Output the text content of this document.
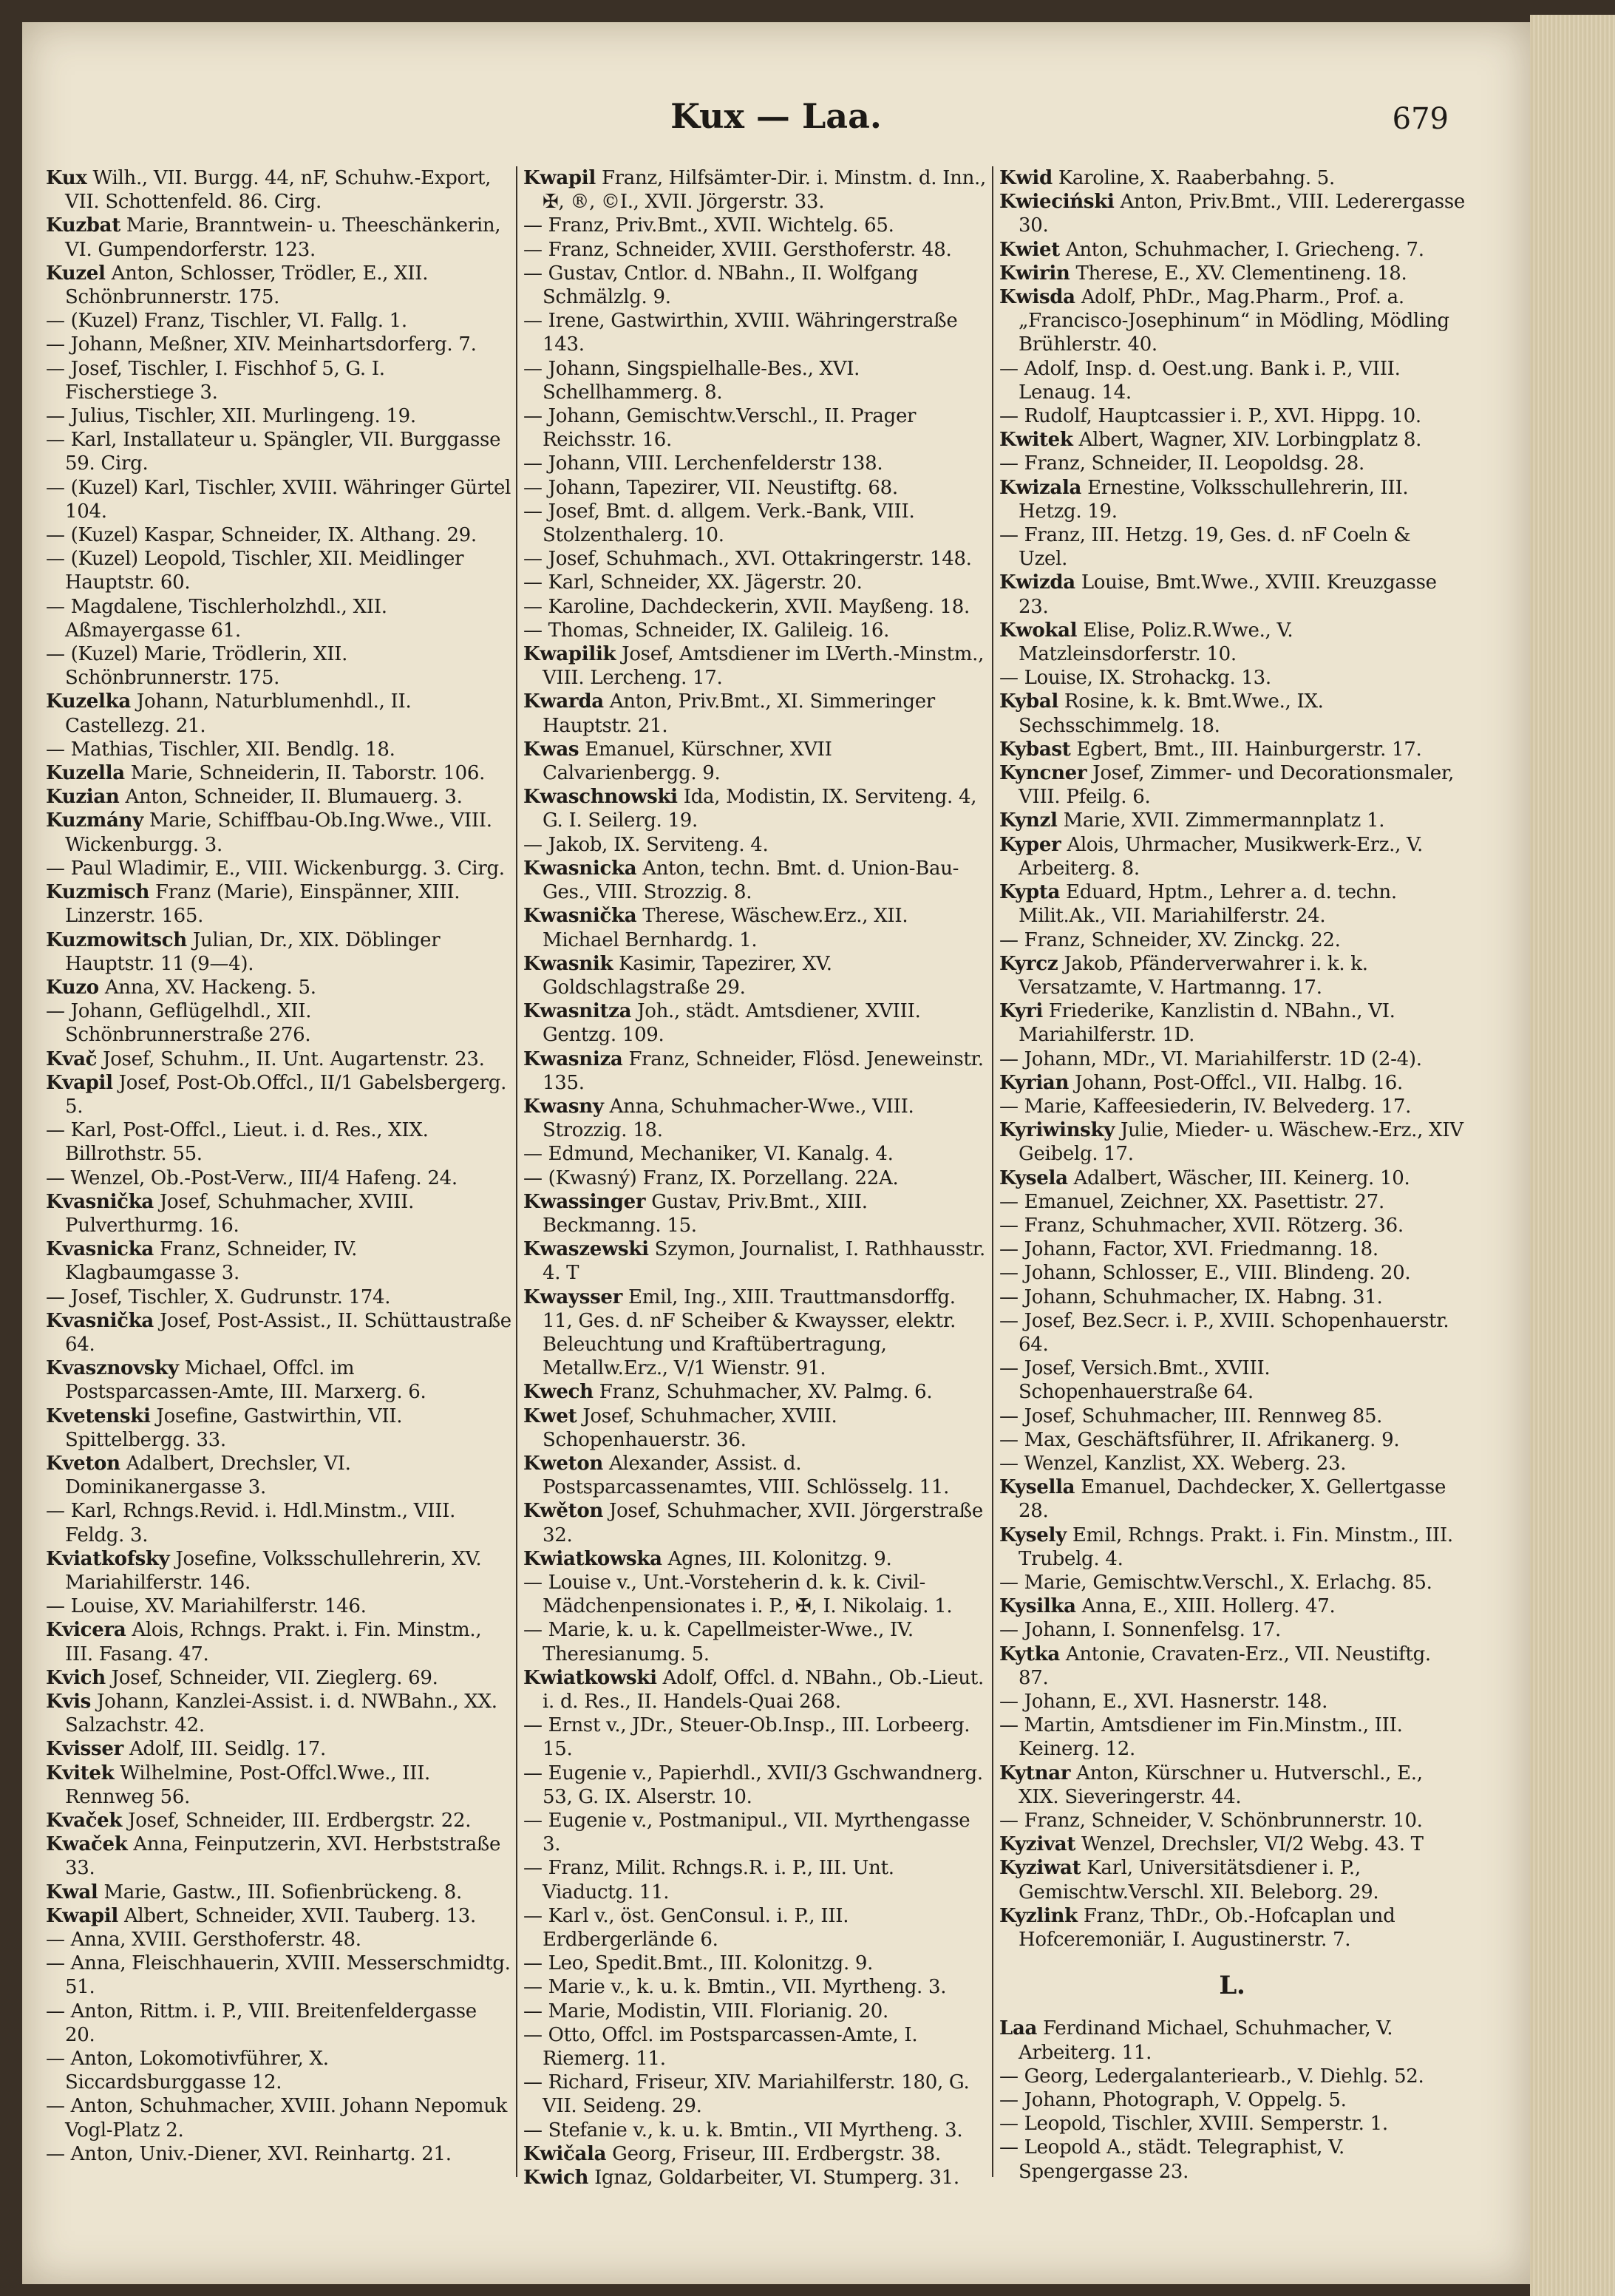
Kux — Laa.	679
Kux Wilh., VII. Burgg. 44, nF, Schuhw.-Export, VII. Schottenfeld. 86. Cirg.
Kuzbat Marie, Branntwein- u. Theeschänkerin, VI. Gumpendorferstr. 123.
Kuzel Anton, Schlosser, Trödler, E., XII. Schönbrunnerstr. 175.
— (Kuzel) Franz, Tischler, VI. Fallg. 1.
— Johann, Meßner, XIV. Meinhartsdorferg. 7.
— Josef, Tischler, I. Fischhof 5, G. I. Fischerstiege 3.
— Julius, Tischler, XII. Murlingeng. 19.
— Karl, Installateur u. Spängler, VII. Burggasse 59. Cirg.
— (Kuzel) Karl, Tischler, XVIII. Währinger Gürtel 104.
— (Kuzel) Kaspar, Schneider, IX. Althang. 29.
— (Kuzel) Leopold, Tischler, XII. Meidlinger Hauptstr. 60.
— Magdalene, Tischlerholzhdl., XII. Aßmayergasse 61.
— (Kuzel) Marie, Trödlerin, XII. Schönbrunnerstr. 175.
Kuzelka Johann, Naturblumenhdl., II. Castellezg. 21.
— Mathias, Tischler, XII. Bendlg. 18.
Kuzella Marie, Schneiderin, II. Taborstr. 106.
Kuzian Anton, Schneider, II. Blumauerg. 3.
Kuzmány Marie, Schiffbau-Ob.Ing.Wwe., VIII. Wickenburgg. 3.
— Paul Wladimir, E., VIII. Wickenburgg. 3. Cirg.
Kuzmisch Franz (Marie), Einspänner, XIII. Linzerstr. 165.
Kuzmowitsch Julian, Dr., XIX. Döblinger Hauptstr. 11 (9—4).
Kuzo Anna, XV. Hackeng. 5.
— Johann, Geflügelhdl., XII. Schönbrunnerstraße 276.
Kvač Josef, Schuhm., II. Unt. Augartenstr. 23.
Kvapil Josef, Post-Ob.Offcl., II/1 Gabelsbergerg. 5.
— Karl, Post-Offcl., Lieut. i. d. Res., XIX. Billrothstr. 55.
— Wenzel, Ob.-Post-Verw., III/4 Hafeng. 24.
Kvasnička Josef, Schuhmacher, XVIII. Pulverthurmg. 16.
Kvasnicka Franz, Schneider, IV. Klagbaumgasse 3.
— Josef, Tischler, X. Gudrunstr. 174.
Kvasnička Josef, Post-Assist., II. Schüttaustraße 64.
Kvasznovsky Michael, Offcl. im Postsparcassen-Amte, III. Marxerg. 6.
Kvetenski Josefine, Gastwirthin, VII. Spittelbergg. 33.
Kveton Adalbert, Drechsler, VI. Dominikanergasse 3.
— Karl, Rchngs.Revid. i. Hdl.Minstm., VIII. Feldg. 3.
Kviatkofsky Josefine, Volksschullehrerin, XV. Mariahilferstr. 146.
— Louise, XV. Mariahilferstr. 146.
Kvicera Alois, Rchngs. Prakt. i. Fin. Minstm., III. Fasang. 47.
Kvich Josef, Schneider, VII. Zieglerg. 69.
Kvis Johann, Kanzlei-Assist. i. d. NWBahn., XX. Salzachstr. 42.
Kvisser Adolf, III. Seidlg. 17.
Kvitek Wilhelmine, Post-Offcl.Wwe., III. Rennweg 56.
Kvaček Josef, Schneider, III. Erdbergstr. 22.
Kwaček Anna, Feinputzerin, XVI. Herbststraße 33.
Kwal Marie, Gastw., III. Sofienbrückeng. 8.
Kwapil Albert, Schneider, XVII. Tauberg. 13.
— Anna, XVIII. Gersthoferstr. 48.
— Anna, Fleischhauerin, XVIII. Messerschmidtg. 51.
— Anton, Rittm. i. P., VIII. Breitenfeldergasse 20.
— Anton, Lokomotivführer, X. Siccardsburggasse 12.
— Anton, Schuhmacher, XVIII. Johann Nepomuk Vogl-Platz 2.
— Anton, Univ.-Diener, XVI. Reinhartg. 21.
Kwapil Franz, Hilfsämter-Dir. i. Minstm. d. Inn., ✠, ®, ©I., XVII. Jörgerstr. 33.
— Franz, Priv.Bmt., XVII. Wichtelg. 65.
— Franz, Schneider, XVIII. Gersthoferstr. 48.
— Gustav, Cntlor. d. NBahn., II. Wolfgang Schmälzlg. 9.
— Irene, Gastwirthin, XVIII. Währingerstraße 143.
— Johann, Singspielhalle-Bes., XVI. Schellhammerg. 8.
— Johann, Gemischtw.Verschl., II. Prager Reichsstr. 16.
— Johann, VIII. Lerchenfelderstr 138.
— Johann, Tapezirer, VII. Neustiftg. 68.
— Josef, Bmt. d. allgem. Verk.-Bank, VIII. Stolzenthalerg. 10.
— Josef, Schuhmach., XVI. Ottakringerstr. 148.
— Karl, Schneider, XX. Jägerstr. 20.
— Karoline, Dachdeckerin, XVII. Mayßeng. 18.
— Thomas, Schneider, IX. Galileig. 16.
Kwapilik Josef, Amtsdiener im LVerth.-Minstm., VIII. Lercheng. 17.
Kwarda Anton, Priv.Bmt., XI. Simmeringer Hauptstr. 21.
Kwas Emanuel, Kürschner, XVII Calvarienbergg. 9.
Kwaschnowski Ida, Modistin, IX. Serviteng. 4, G. I. Seilerg. 19.
— Jakob, IX. Serviteng. 4.
Kwasnicka Anton, techn. Bmt. d. Union-Bau-Ges., VIII. Strozzig. 8.
Kwasnička Therese, Wäschew.Erz., XII. Michael Bernhardg. 1.
Kwasnik Kasimir, Tapezirer, XV. Goldschlagstraße 29.
Kwasnitza Joh., städt. Amtsdiener, XVIII. Gentzg. 109.
Kwasniza Franz, Schneider, Flösd. Jeneweinstr. 135.
Kwasny Anna, Schuhmacher-Wwe., VIII. Strozzig. 18.
— Edmund, Mechaniker, VI. Kanalg. 4.
— (Kwasný) Franz, IX. Porzellang. 22A.
Kwassinger Gustav, Priv.Bmt., XIII. Beckmanng. 15.
Kwaszewski Szymon, Journalist, I. Rathhausstr. 4. T
Kwaysser Emil, Ing., XIII. Trauttmansdorffg. 11, Ges. d. nF Scheiber & Kwaysser, elektr. Beleuchtung und Kraftübertragung, Metallw.Erz., V/1 Wienstr. 91.
Kwech Franz, Schuhmacher, XV. Palmg. 6.
Kwet Josef, Schuhmacher, XVIII. Schopenhauerstr. 36.
Kweton Alexander, Assist. d. Postsparcassenamtes, VIII. Schlösselg. 11.
Kwěton Josef, Schuhmacher, XVII. Jörgerstraße 32.
Kwiatkowska Agnes, III. Kolonitzg. 9.
— Louise v., Unt.-Vorsteherin d. k. k. Civil-Mädchenpensionates i. P., ✠, I. Nikolaig. 1.
— Marie, k. u. k. Capellmeister-Wwe., IV. Theresianumg. 5.
Kwiatkowski Adolf, Offcl. d. NBahn., Ob.-Lieut. i. d. Res., II. Handels-Quai 268.
— Ernst v., JDr., Steuer-Ob.Insp., III. Lorbeerg. 15.
— Eugenie v., Papierhdl., XVII/3 Gschwandnerg. 53, G. IX. Alserstr. 10.
— Eugenie v., Postmanipul., VII. Myrthengasse 3.
— Franz, Milit. Rchngs.R. i. P., III. Unt. Viaductg. 11.
— Karl v., öst. GenConsul. i. P., III. Erdbergerlände 6.
— Leo, Spedit.Bmt., III. Kolonitzg. 9.
— Marie v., k. u. k. Bmtin., VII. Myrtheng. 3.
— Marie, Modistin, VIII. Florianig. 20.
— Otto, Offcl. im Postsparcassen-Amte, I. Riemerg. 11.
— Richard, Friseur, XIV. Mariahilferstr. 180, G. VII. Seideng. 29.
— Stefanie v., k. u. k. Bmtin., VII Myrtheng. 3.
Kwičala Georg, Friseur, III. Erdbergstr. 38.
Kwich Ignaz, Goldarbeiter, VI. Stumperg. 31.
Kwid Karoline, X. Raaberbahng. 5.
Kwieciński Anton, Priv.Bmt., VIII. Lederergasse 30.
Kwiet Anton, Schuhmacher, I. Griecheng. 7.
Kwirin Therese, E., XV. Clementineng. 18.
Kwisda Adolf, PhDr., Mag.Pharm., Prof. a. „Francisco-Josephinum“ in Mödling, Mödling Brühlerstr. 40.
— Adolf, Insp. d. Oest.ung. Bank i. P., VIII. Lenaug. 14.
— Rudolf, Hauptcassier i. P., XVI. Hippg. 10.
Kwitek Albert, Wagner, XIV. Lorbingplatz 8.
— Franz, Schneider, II. Leopoldsg. 28.
Kwizala Ernestine, Volksschullehrerin, III. Hetzg. 19.
— Franz, III. Hetzg. 19, Ges. d. nF Coeln & Uzel.
Kwizda Louise, Bmt.Wwe., XVIII. Kreuzgasse 23.
Kwokal Elise, Poliz.R.Wwe., V. Matzleinsdorferstr. 10.
— Louise, IX. Strohackg. 13.
Kybal Rosine, k. k. Bmt.Wwe., IX. Sechsschimmelg. 18.
Kybast Egbert, Bmt., III. Hainburgerstr. 17.
Kyncner Josef, Zimmer- und Decorationsmaler, VIII. Pfeilg. 6.
Kynzl Marie, XVII. Zimmermannplatz 1.
Kyper Alois, Uhrmacher, Musikwerk-Erz., V. Arbeiterg. 8.
Kypta Eduard, Hptm., Lehrer a. d. techn. Milit.Ak., VII. Mariahilferstr. 24.
— Franz, Schneider, XV. Zinckg. 22.
Kyrcz Jakob, Pfänderverwahrer i. k. k. Versatzamte, V. Hartmanng. 17.
Kyri Friederike, Kanzlistin d. NBahn., VI. Mariahilferstr. 1D.
— Johann, MDr., VI. Mariahilferstr. 1D (2-4).
Kyrian Johann, Post-Offcl., VII. Halbg. 16.
— Marie, Kaffeesiederin, IV. Belvederg. 17.
Kyriwinsky Julie, Mieder- u. Wäschew.-Erz., XIV Geibelg. 17.
Kysela Adalbert, Wäscher, III. Keinerg. 10.
— Emanuel, Zeichner, XX. Pasettistr. 27.
— Franz, Schuhmacher, XVII. Rötzerg. 36.
— Johann, Factor, XVI. Friedmanng. 18.
— Johann, Schlosser, E., VIII. Blindeng. 20.
— Johann, Schuhmacher, IX. Habng. 31.
— Josef, Bez.Secr. i. P., XVIII. Schopenhauerstr. 64.
— Josef, Versich.Bmt., XVIII. Schopenhauerstraße 64.
— Josef, Schuhmacher, III. Rennweg 85.
— Max, Geschäftsführer, II. Afrikanerg. 9.
— Wenzel, Kanzlist, XX. Weberg. 23.
Kysella Emanuel, Dachdecker, X. Gellertgasse 28.
Kysely Emil, Rchngs. Prakt. i. Fin. Minstm., III. Trubelg. 4.
— Marie, Gemischtw.Verschl., X. Erlachg. 85.
Kysilka Anna, E., XIII. Hollerg. 47.
— Johann, I. Sonnenfelsg. 17.
Kytka Antonie, Cravaten-Erz., VII. Neustiftg. 87.
— Johann, E., XVI. Hasnerstr. 148.
— Martin, Amtsdiener im Fin.Minstm., III. Keinerg. 12.
Kytnar Anton, Kürschner u. Hutverschl., E., XIX. Sieveringerstr. 44.
— Franz, Schneider, V. Schönbrunnerstr. 10.
Kyzivat Wenzel, Drechsler, VI/2 Webg. 43. T
Kyziwat Karl, Universitätsdiener i. P., Gemischtw.Verschl. XII. Beleborg. 29.
Kyzlink Franz, ThDr., Ob.-Hofcaplan und Hofceremoniär, I. Augustinerstr. 7.
L.
Laa Ferdinand Michael, Schuhmacher, V. Arbeiterg. 11.
— Georg, Ledergalanteriearb., V. Diehlg. 52.
— Johann, Photograph, V. Oppelg. 5.
— Leopold, Tischler, XVIII. Semperstr. 1.
— Leopold A., städt. Telegraphist, V. Spengergasse 23.
